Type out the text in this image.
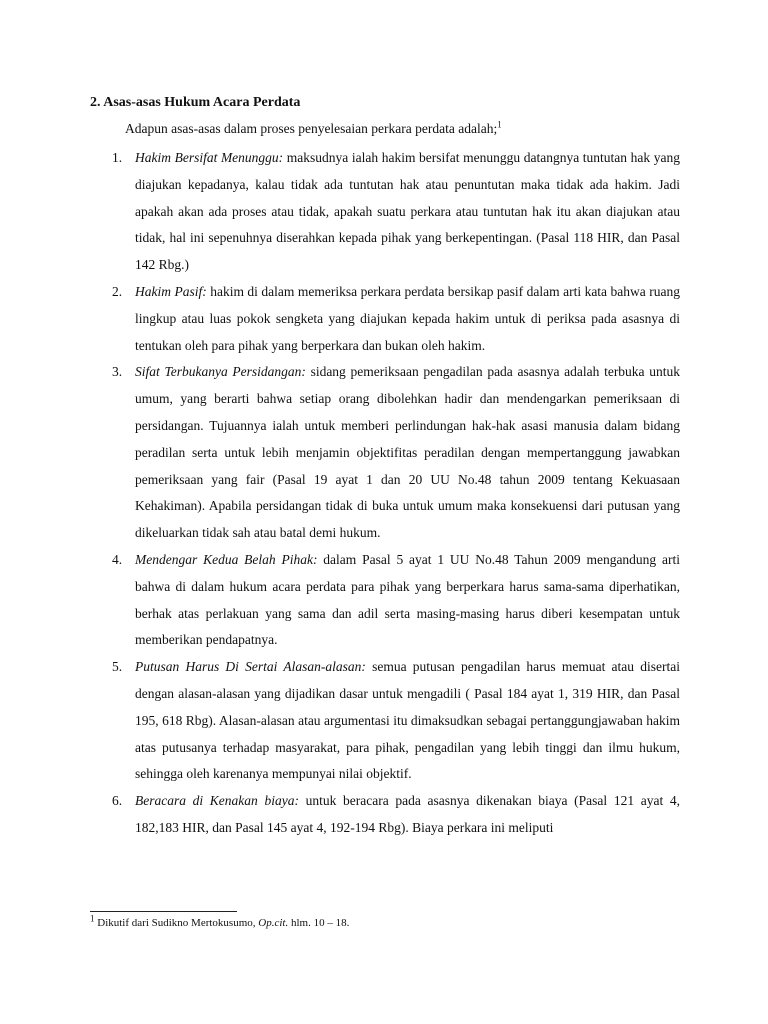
2. Asas-asas Hukum Acara Perdata

Adapun asas-asas dalam proses penyelesaian perkara perdata adalah;$^1$

1. Hakim Bersifat Menunggu: maksudnya ialah hakim bersifat menunggu datangnya tuntutan hak yang diajukan kepadanya, kalau tidak ada tuntutan hak atau penuntutan maka tidak ada hakim. Jadi apakah akan ada proses atau tidak, apakah suatu perkara atau tuntutan hak itu akan diajukan atau tidak, hal ini sepenuhnya diserahkan kepada pihak yang berkepentingan. (Pasal 118 HIR, dan Pasal 142 Rbg.)
2. Hakim Pasif: hakim di dalam memeriksa perkara perdata bersikap pasif dalam arti kata bahwa ruang lingkup atau luas pokok sengketa yang diajukan kepada hakim untuk di periksa pada asasnya di tentukan oleh para pihak yang berperkara dan bukan oleh hakim.
3. Sifat Terbukanya Persidangan: sidang pemeriksaan pengadilan pada asasnya adalah terbuka untuk umum, yang berarti bahwa setiap orang dibolehkan hadir dan mendengarkan pemeriksaan di persidangan. Tujuannya ialah untuk memberi perlindungan hak-hak asasi manusia dalam bidang peradilan serta untuk lebih menjamin objektifitas peradilan dengan mempertanggung jawabkan pemeriksaan yang fair (Pasal 19 ayat 1 dan 20 UU No.48 tahun 2009 tentang Kekuasaan Kehakiman). Apabila persidangan tidak di buka untuk umum maka konsekuensi dari putusan yang dikeluarkan tidak sah atau batal demi hukum.
4. Mendengar Kedua Belah Pihak: dalam Pasal 5 ayat 1 UU No.48 Tahun 2009 mengandung arti bahwa di dalam hukum acara perdata para pihak yang berperkara harus sama-sama diperhatikan, berhak atas perlakuan yang sama dan adil serta masing-masing harus diberi kesempatan untuk memberikan pendapatnya.
5. Putusan Harus Di Sertai Alasan-alasan: semua putusan pengadilan harus memuat atau disertai dengan alasan-alasan yang dijadikan dasar untuk mengadili ( Pasal 184 ayat 1, 319 HIR, dan Pasal 195, 618 Rbg). Alasan-alasan atau argumentasi itu dimaksudkan sebagai pertanggungjawaban hakim atas putusanya terhadap masyarakat, para pihak, pengadilan yang lebih tinggi dan ilmu hukum, sehingga oleh karenanya mempunyai nilai objektif.
6. Beracara di Kenakan biaya: untuk beracara pada asasnya dikenakan biaya (Pasal 121 ayat 4, 182,183 HIR, dan Pasal 145 ayat 4, 192-194 Rbg). Biaya perkara ini meliputi
$^1$ Dikutif dari Sudikno Mertokusumo, Op.cit. hlm. 10 – 18.
